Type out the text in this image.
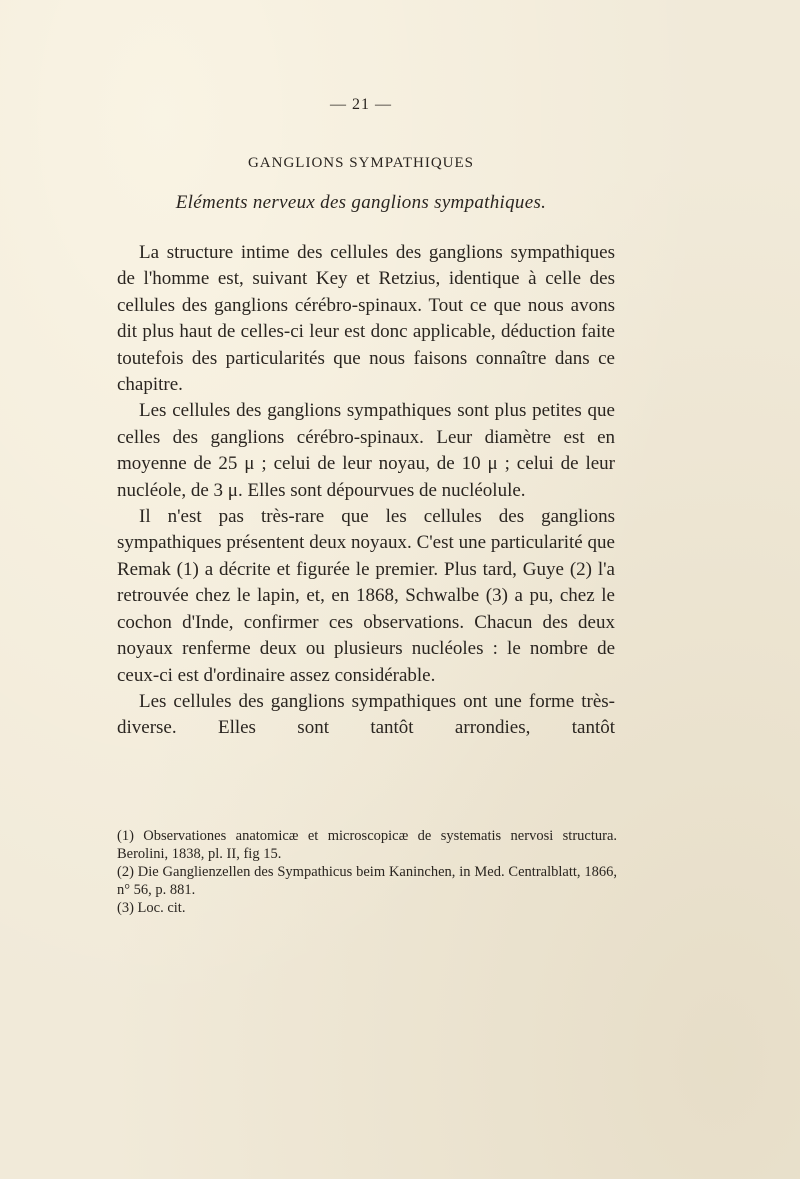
— 21 —
GANGLIONS SYMPATHIQUES
Eléments nerveux des ganglions sympathiques.

La structure intime des cellules des ganglions sympathiques de l'homme est, suivant Key et Retzius, identique à celle des cellules des ganglions cérébro-spinaux. Tout ce que nous avons dit plus haut de celles-ci leur est donc applicable, déduction faite toutefois des particularités que nous faisons connaître dans ce chapitre.

Les cellules des ganglions sympathiques sont plus petites que celles des ganglions cérébro-spinaux. Leur diamètre est en moyenne de 25 μ ; celui de leur noyau, de 10 μ ; celui de leur nucléole, de 3 μ. Elles sont dépourvues de nucléolule.

Il n'est pas très-rare que les cellules des ganglions sympathiques présentent deux noyaux. C'est une particularité que Remak (1) a décrite et figurée le premier. Plus tard, Guye (2) l'a retrouvée chez le lapin, et, en 1868, Schwalbe (3) a pu, chez le cochon d'Inde, confirmer ces observations. Chacun des deux noyaux renferme deux ou plusieurs nucléoles : le nombre de ceux-ci est d'ordinaire assez considérable.

Les cellules des ganglions sympathiques ont une forme très-diverse. Elles sont tantôt arrondies, tantôt

(1) Observationes anatomicæ et microscopicæ de systematis nervosi structura. Berolini, 1838, pl. II, fig 15.

(2) Die Ganglienzellen des Sympathicus beim Kaninchen, in Med. Centralblatt, 1866, n° 56, p. 881.

(3) Loc. cit.
